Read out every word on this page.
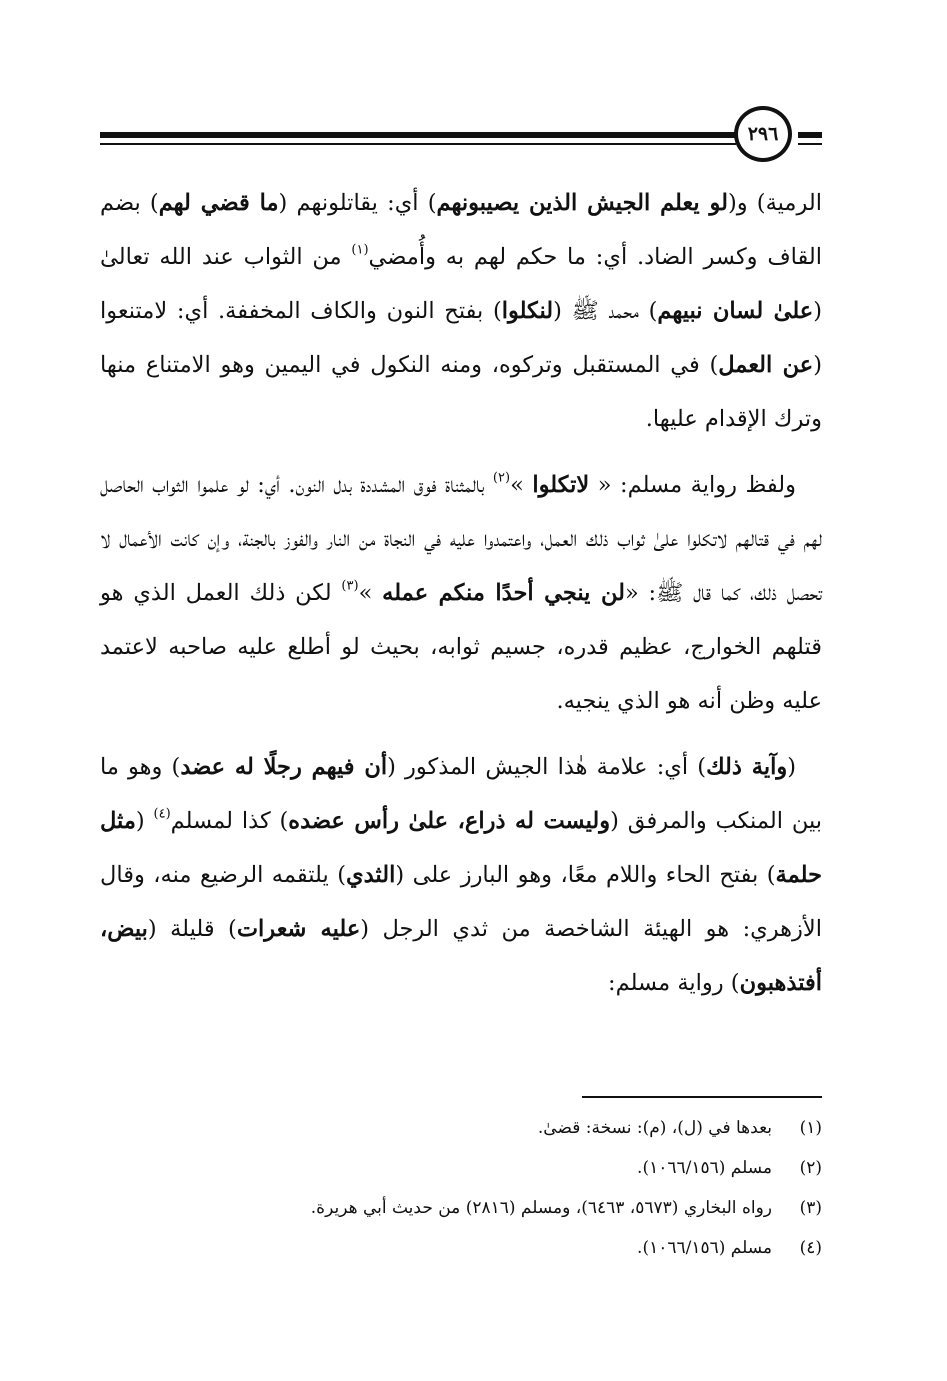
٢٩٦

الرمية) و(لو يعلم الجيش الذين يصيبونهم) أي: يقاتلونهم (ما قضي لهم) بضم القاف وكسر الضاد. أي: ما حكم لهم به وأُمضي$^{(١)}$ من الثواب عند الله تعالىٰ (علىٰ لسان نبيهم) محمد ﷺ (لنكلوا) بفتح النون والكاف المخففة. أي: لامتنعوا (عن العمل) في المستقبل وتركوه، ومنه النكول في اليمين وهو الامتناع منها وترك الإقدام عليها.

ولفظ رواية مسلم: « لاتكلوا »$^{(٢)}$ بالمثناة فوق المشددة بدل النون. أي: لو علموا الثواب الحاصل لهم في قتالهم لاتكلوا علىٰ ثواب ذلك العمل، واعتمدوا عليه في النجاة من النار والفوز بالجنة، وإن كانت الأعمال لا تحصل ذلك، كما قال ﷺ: «لن ينجي أحدًا منكم عمله »$^{(٣)}$ لكن ذلك العمل الذي هو قتلهم الخوارج، عظيم قدره، جسيم ثوابه، بحيث لو أطلع عليه صاحبه لاعتمد عليه وظن أنه هو الذي ينجيه.

(وآية ذلك) أي: علامة هٰذا الجيش المذكور (أن فيهم رجلًا له عضد) وهو ما بين المنكب والمرفق (وليست له ذراع، علىٰ رأس عضده) كذا لمسلم$^{(٤)}$ (مثل حلمة) بفتح الحاء واللام معًا، وهو البارز على (الثدي) يلتقمه الرضيع منه، وقال الأزهري: هو الهيئة الشاخصة من ثدي الرجل (عليه شعرات) قليلة (بيض، أفتذهبون) رواية مسلم:

(١)
بعدها في (ل)، (م): نسخة: قضیٰ.
(٢)
مسلم (١٠٦٦/١٥٦).
(٣)
رواه البخاري (٥٦٧٣، ٦٤٦٣)، ومسلم (٢٨١٦) من حديث أبي هريرة.
(٤)
مسلم (١٠٦٦/١٥٦).
